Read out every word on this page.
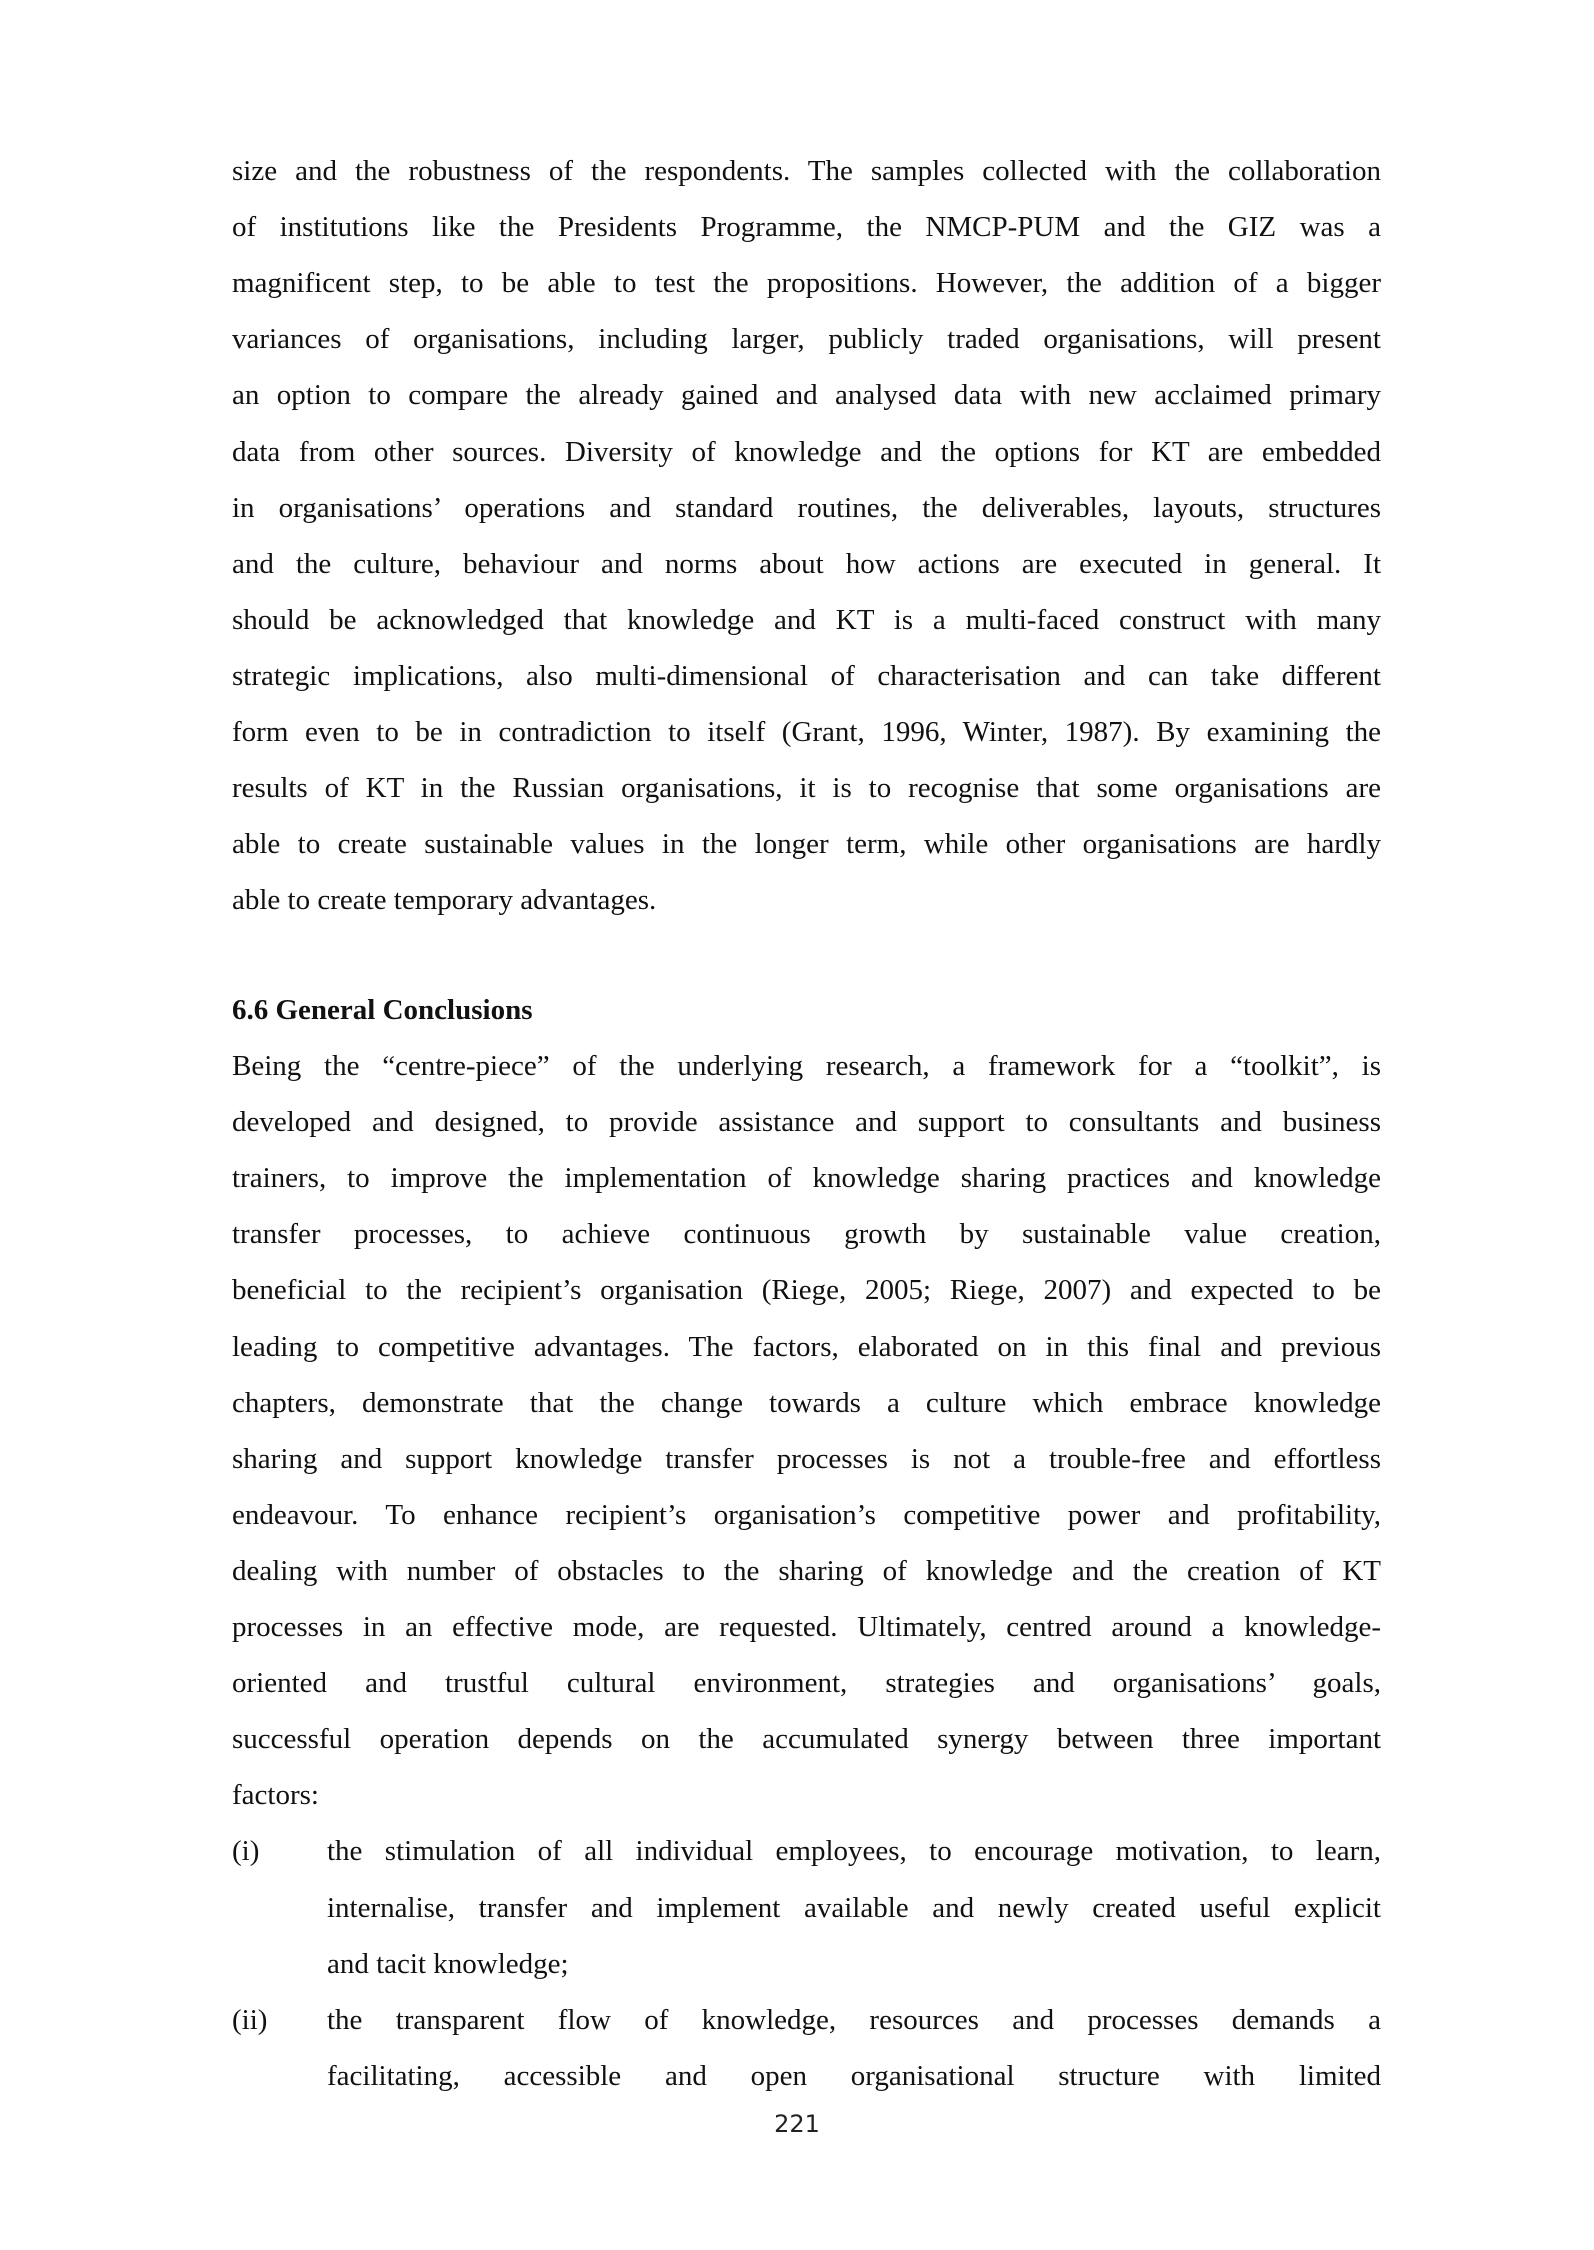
221
size and the robustness of the respondents. The samples collected with the collaboration
of institutions like the Presidents Programme, the NMCP-PUM and the GIZ was a
magnificent step, to be able to test the propositions. However, the addition of a bigger
variances of organisations, including larger, publicly traded organisations, will present
an option to compare the already gained and analysed data with new acclaimed primary
data from other sources. Diversity of knowledge and the options for KT are embedded
in organisations’ operations and standard routines, the deliverables, layouts, structures
and the culture, behaviour and norms about how actions are executed in general. It
should be acknowledged that knowledge and KT is a multi-faced construct with many
strategic implications, also multi-dimensional of characterisation and can take different
form even to be in contradiction to itself (Grant, 1996, Winter, 1987). By examining the
results of KT in the Russian organisations, it is to recognise that some organisations are
able to create sustainable values in the longer term, while other organisations are hardly
able to create temporary advantages.
6.6 General Conclusions
Being the “centre-piece” of the underlying research, a framework for a “toolkit”, is
developed and designed, to provide assistance and support to consultants and business
trainers, to improve the implementation of knowledge sharing practices and knowledge
transfer processes, to achieve continuous growth by sustainable value creation,
beneficial to the recipient’s organisation (Riege, 2005; Riege, 2007) and expected to be
leading to competitive advantages. The factors, elaborated on in this final and previous
chapters, demonstrate that the change towards a culture which embrace knowledge
sharing and support knowledge transfer processes is not a trouble-free and effortless
endeavour. To enhance recipient’s organisation’s competitive power and profitability,
dealing with number of obstacles to the sharing of knowledge and the creation of KT
processes in an effective mode, are requested. Ultimately, centred around a knowledge-
oriented and trustful cultural environment, strategies and organisations’ goals,
successful operation depends on the accumulated synergy between three important
factors:
(i) the stimulation of all individual employees, to encourage motivation, to learn,
internalise, transfer and implement available and newly created useful explicit
and tacit knowledge;
(ii) the transparent flow of knowledge, resources and processes demands a
facilitating, accessible and open organisational structure with limited
